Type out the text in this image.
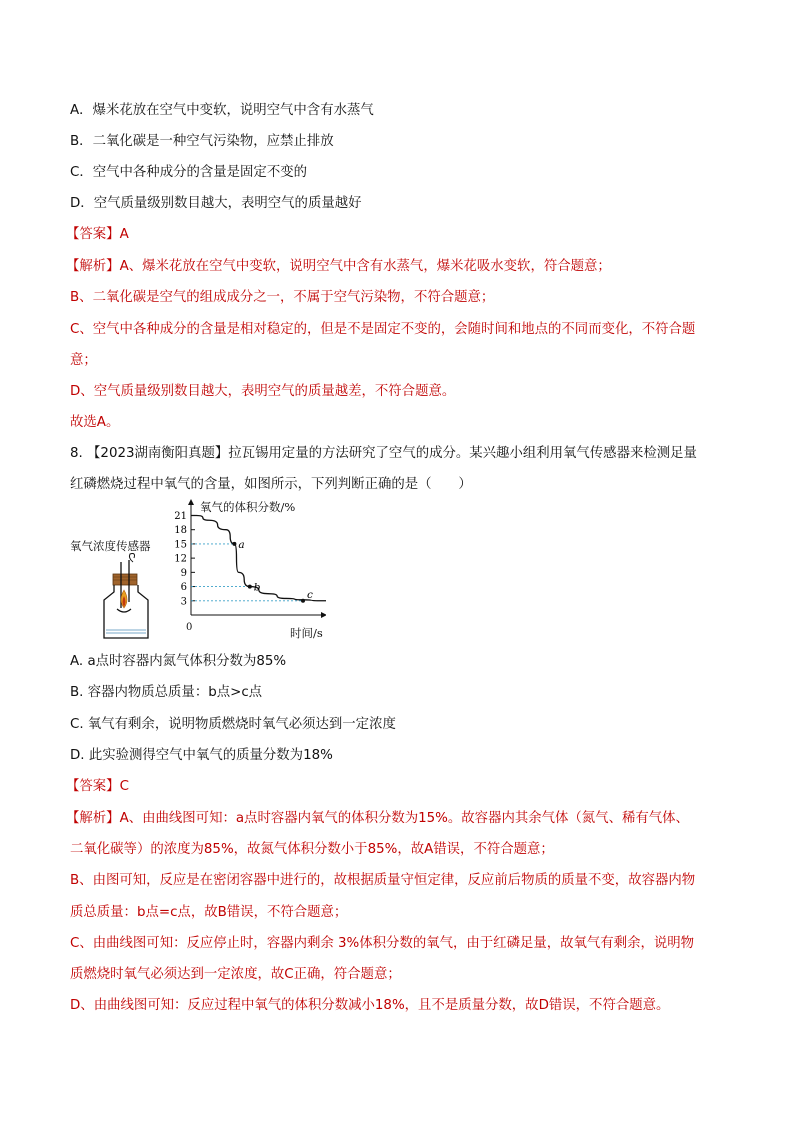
A．爆米花放在空气中变软，说明空气中含有水蒸气
B．二氧化碳是一种空气污染物，应禁止排放
C．空气中各种成分的含量是固定不变的
D．空气质量级别数目越大，表明空气的质量越好
【答案】A
【解析】A、爆米花放在空气中变软，说明空气中含有水蒸气，爆米花吸水变软，符合题意；
B、二氧化碳是空气的组成成分之一，不属于空气污染物，不符合题意；
C、空气中各种成分的含量是相对稳定的，但是不是固定不变的，会随时间和地点的不同而变化，不符合题
意；
D、空气质量级别数目越大，表明空气的质量越差，不符合题意。
故选A。
8. 【2023湖南衡阳真题】拉瓦锡用定量的方法研究了空气的成分。某兴趣小组利用氧气传感器来检测足量
红磷燃烧过程中氧气的含量，如图所示，下列判断正确的是（　　）
氧气浓度传感器
氧气的体积分数/%
时间/s
0
3
6
9
12
15
18
21
a
b
c
A. a点时容器内氮气体积分数为85%
B. 容器内物质总质量：b点>c点
C. 氧气有剩余，说明物质燃烧时氧气必须达到一定浓度
D. 此实验测得空气中氧气的质量分数为18%
【答案】C
【解析】A、由曲线图可知：a点时容器内氧气的体积分数为15%。故容器内其余气体（氮气、稀有气体、
二氧化碳等）的浓度为85%，故氮气体积分数小于85%，故A错误，不符合题意；
B、由图可知，反应是在密闭容器中进行的，故根据质量守恒定律，反应前后物质的质量不变，故容器内物
质总质量：b点=c点，故B错误，不符合题意；
C、由曲线图可知：反应停止时，容器内剩余 3%体积分数的氧气，由于红磷足量，故氧气有剩余，说明物
质燃烧时氧气必须达到一定浓度，故C正确，符合题意；
D、由曲线图可知：反应过程中氧气的体积分数减小18%，且不是质量分数，故D错误，不符合题意。
